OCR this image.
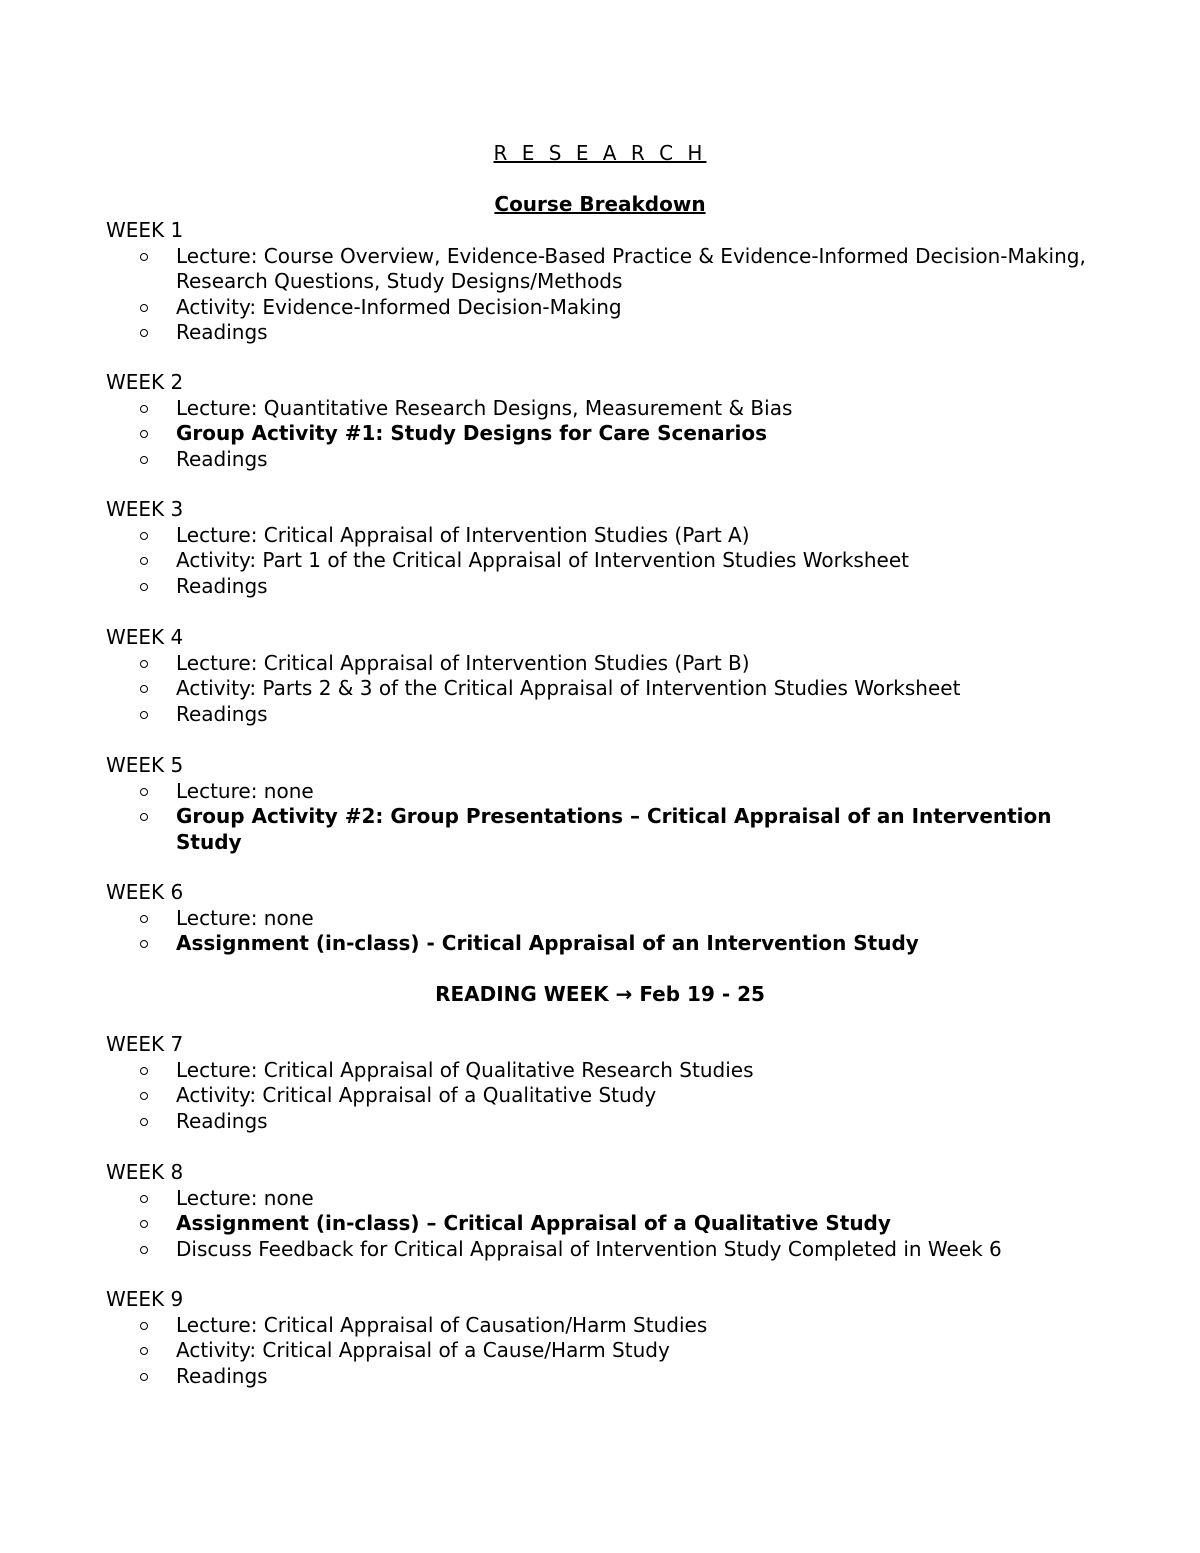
R E S E A R C H
Course Breakdown
WEEK 1
Lecture: Course Overview, Evidence-Based Practice & Evidence-Informed Decision-Making, Research Questions, Study Designs/Methods
Activity: Evidence-Informed Decision-Making
Readings
WEEK 2
Lecture: Quantitative Research Designs, Measurement & Bias
Group Activity #1: Study Designs for Care Scenarios
Readings
WEEK 3
Lecture: Critical Appraisal of Intervention Studies (Part A)
Activity: Part 1 of the Critical Appraisal of Intervention Studies Worksheet
Readings
WEEK 4
Lecture: Critical Appraisal of Intervention Studies (Part B)
Activity: Parts 2 & 3 of the Critical Appraisal of Intervention Studies Worksheet
Readings
WEEK 5
Lecture: none
Group Activity #2: Group Presentations – Critical Appraisal of an Intervention Study
WEEK 6
Lecture: none
Assignment (in-class) - Critical Appraisal of an Intervention Study
READING WEEK → Feb 19 - 25
WEEK 7
Lecture: Critical Appraisal of Qualitative Research Studies
Activity: Critical Appraisal of a Qualitative Study
Readings
WEEK 8
Lecture: none
Assignment (in-class) – Critical Appraisal of a Qualitative Study
Discuss Feedback for Critical Appraisal of Intervention Study Completed in Week 6
WEEK 9
Lecture: Critical Appraisal of Causation/Harm Studies
Activity: Critical Appraisal of a Cause/Harm Study
Readings
